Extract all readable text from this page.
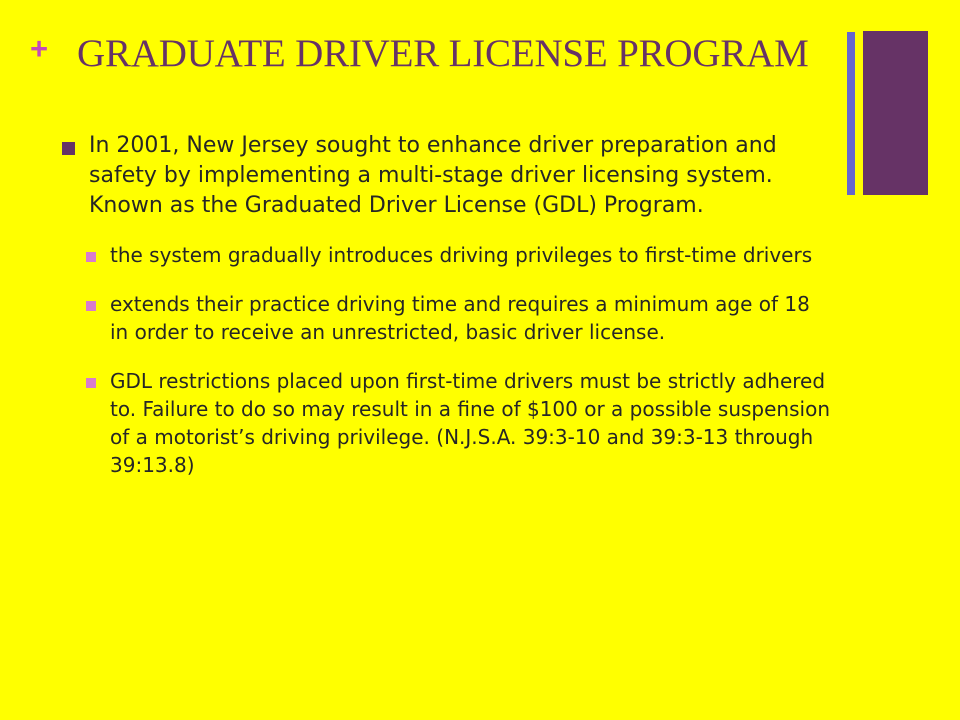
+ GRADUATE DRIVER LICENSE PROGRAM
In 2001, New Jersey sought to enhance driver preparation and safety by implementing a multi-stage driver licensing system. Known as the Graduated Driver License (GDL) Program.
the system gradually introduces driving privileges to first-time drivers
extends their practice driving time and requires a minimum age of 18 in order to receive an unrestricted, basic driver license.
GDL restrictions placed upon first-time drivers must be strictly adhered to. Failure to do so may result in a fine of $100 or a possible suspension of a motorist’s driving privilege. (N.J.S.A. 39:3-10 and 39:3-13 through 39:13.8)
